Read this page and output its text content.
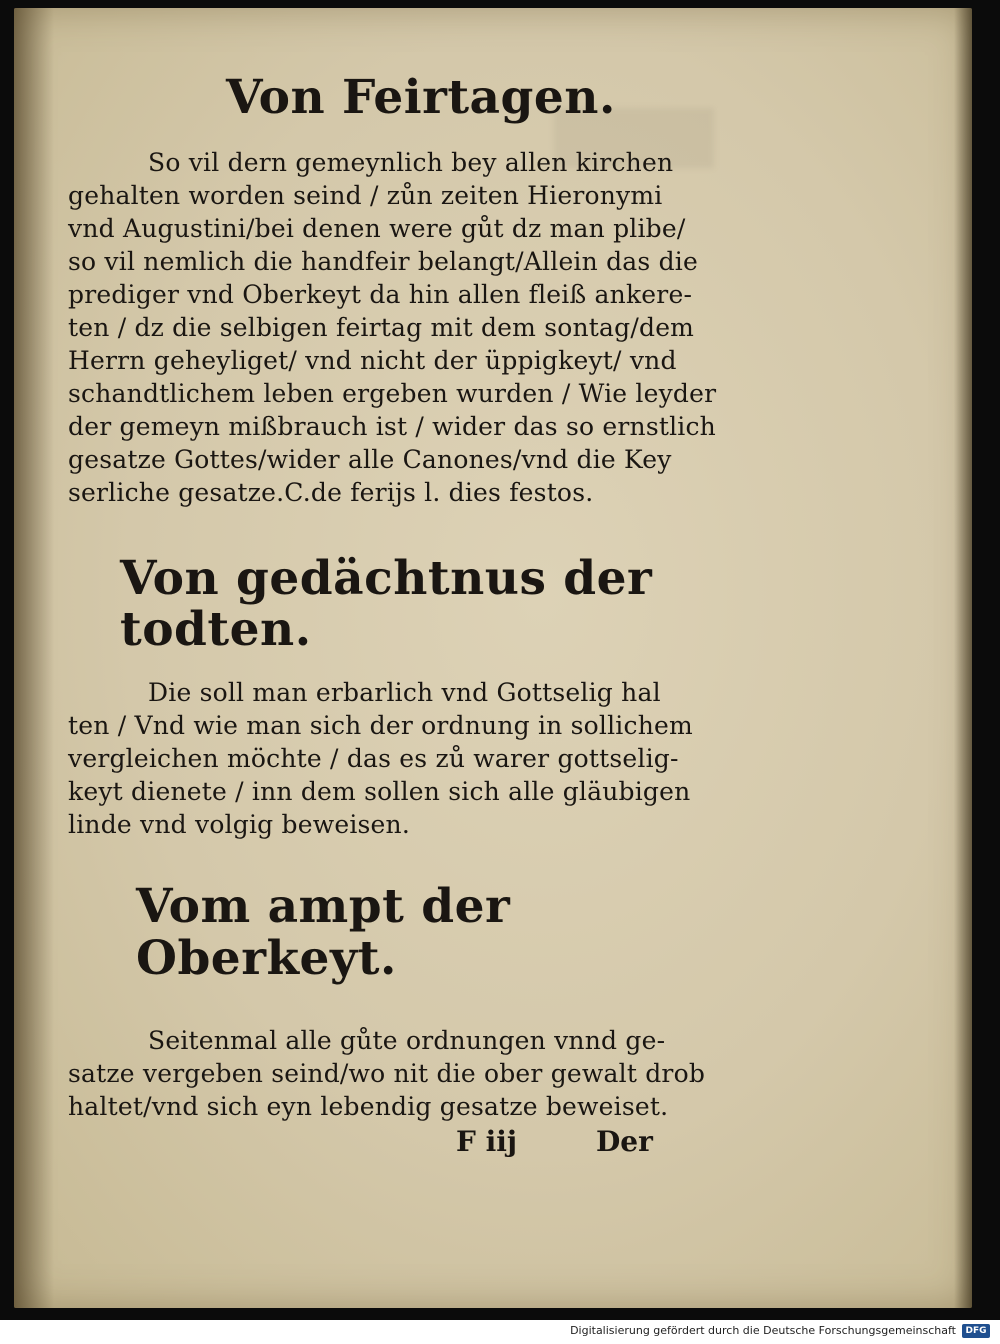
Von Feirtagen.
So vil dern gemeynlich bey allen kirchen
gehalten worden seind / zůn zeiten Hieronymi
vnd Augustini/bei denen were gůt dz man plibe/
so vil nemlich die handfeir belangt/Allein das die
prediger vnd Oberkeyt da hin allen fleiß ankere-
ten / dz die selbigen feirtag mit dem sontag/dem
Herrn geheyliget/ vnd nicht der üppigkeyt/ vnd
schandtlichem leben ergeben wurden / Wie leyder
der gemeyn mißbrauch ist / wider das so ernstlich
gesatze Gottes/wider alle Canones/vnd die Key
serliche gesatze.C.de ferijs l. dies festos.
Von gedächtnus der todten.
Die soll man erbarlich vnd Gottselig hal
ten / Vnd wie man sich der ordnung in sollichem
vergleichen möchte / das es zů warer gottselig-
keyt dienete / inn dem sollen sich alle gläubigen
linde vnd volgig beweisen.
Vom ampt der Oberkeyt.
Seitenmal alle gůte ordnungen vnnd ge-
satze vergeben seind/wo nit die ober gewalt drob
haltet/vnd sich eyn lebendig gesatze beweiset.
F iij	Der
Digitalisierung gefördert durch die Deutsche Forschungsgemeinschaft	DFG
